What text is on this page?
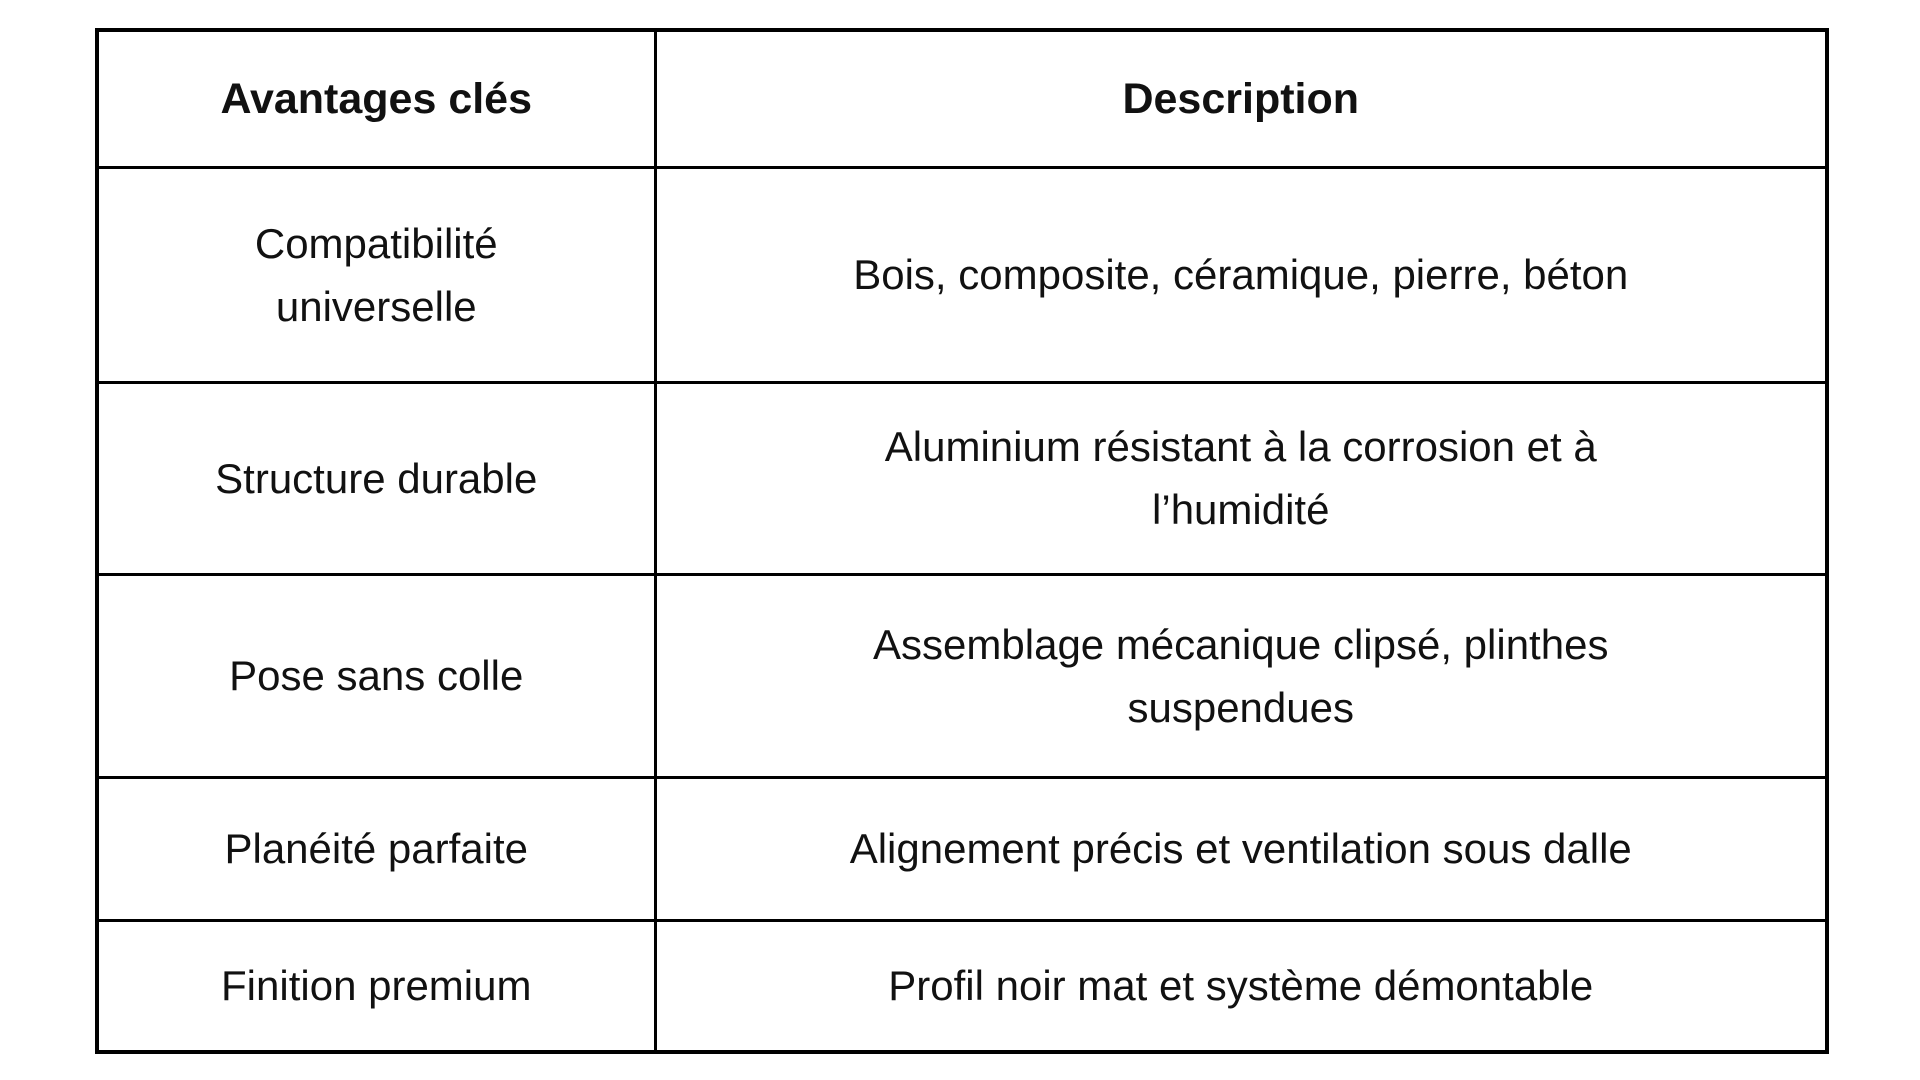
Avantages clés	Description
Compatibilité universelle	Bois, composite, céramique, pierre, béton
Structure durable	Aluminium résistant à la corrosion et à l’humidité
Pose sans colle	Assemblage mécanique clipsé, plinthes suspendues
Planéité parfaite	Alignement précis et ventilation sous dalle
Finition premium	Profil noir mat et système démontable
